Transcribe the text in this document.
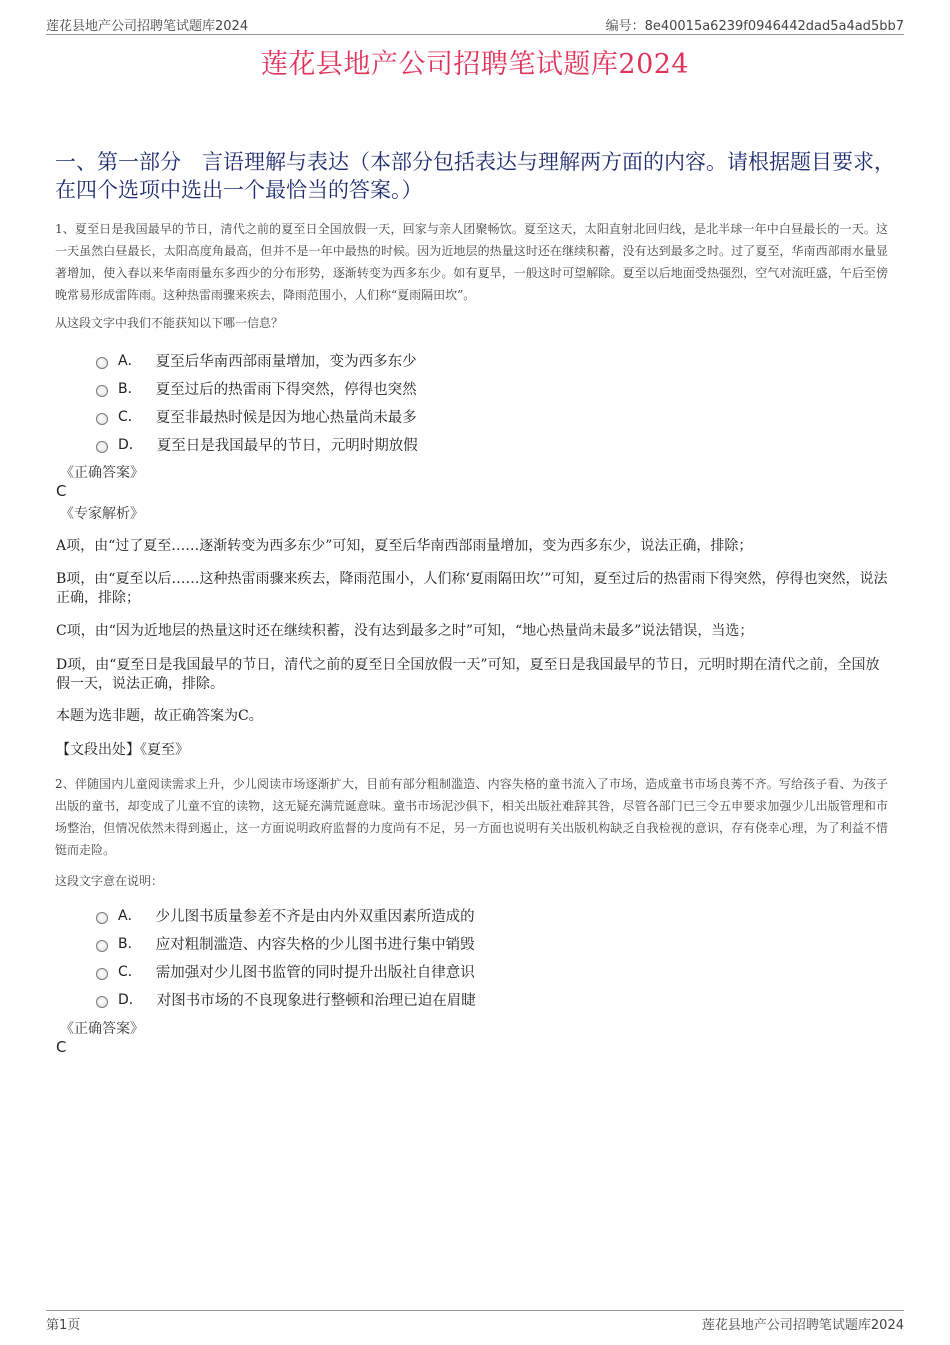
莲花县地产公司招聘笔试题库2024	编号：8e40015a6239f0946442dad5a4ad5bb7
莲花县地产公司招聘笔试题库2024
一、第一部分　言语理解与表达（本部分包括表达与理解两方面的内容。请根据题目要求，在四个选项中选出一个最恰当的答案。）
1、夏至日是我国最早的节日，清代之前的夏至日全国放假一天，回家与亲人团聚畅饮。夏至这天，太阳直射北回归线，是北半球一年中白昼最长的一天。这一天虽然白昼最长，太阳高度角最高，但并不是一年中最热的时候。因为近地层的热量这时还在继续积蓄，没有达到最多之时。过了夏至，华南西部雨水量显著增加，使入春以来华南雨量东多西少的分布形势，逐渐转变为西多东少。如有夏旱，一般这时可望解除。夏至以后地面受热强烈，空气对流旺盛，午后至傍晚常易形成雷阵雨。这种热雷雨骤来疾去，降雨范围小，人们称“夏雨隔田坎”。
从这段文字中我们不能获知以下哪一信息？
A． 夏至后华南西部雨量增加，变为西多东少
B． 夏至过后的热雷雨下得突然，停得也突然
C． 夏至非最热时候是因为地心热量尚未最多
D． 夏至日是我国最早的节日，元明时期放假
《正确答案》
C
《专家解析》
A项，由“过了夏至……逐渐转变为西多东少”可知，夏至后华南西部雨量增加，变为西多东少，说法正确，排除；
B项，由“夏至以后……这种热雷雨骤来疾去，降雨范围小，人们称‘夏雨隔田坎’”可知，夏至过后的热雷雨下得突然，停得也突然，说法正确，排除；
C项，由“因为近地层的热量这时还在继续积蓄，没有达到最多之时”可知，“地心热量尚未最多”说法错误，当选；
D项，由“夏至日是我国最早的节日，清代之前的夏至日全国放假一天”可知，夏至日是我国最早的节日，元明时期在清代之前，全国放假一天，说法正确，排除。
本题为选非题，故正确答案为C。
【文段出处】《夏至》
2、伴随国内儿童阅读需求上升，少儿阅读市场逐渐扩大，目前有部分粗制滥造、内容失格的童书流入了市场，造成童书市场良莠不齐。写给孩子看、为孩子出版的童书，却变成了儿童不宜的读物，这无疑充满荒诞意味。童书市场泥沙俱下，相关出版社难辞其咎，尽管各部门已三令五申要求加强少儿出版管理和市场整治，但情况依然未得到遏止，这一方面说明政府监督的力度尚有不足，另一方面也说明有关出版机构缺乏自我检视的意识，存有侥幸心理，为了利益不惜铤而走险。
这段文字意在说明：
A． 少儿图书质量参差不齐是由内外双重因素所造成的
B． 应对粗制滥造、内容失格的少儿图书进行集中销毁
C． 需加强对少儿图书监管的同时提升出版社自律意识
D． 对图书市场的不良现象进行整顿和治理已迫在眉睫
《正确答案》
C
第1页	莲花县地产公司招聘笔试题库2024
